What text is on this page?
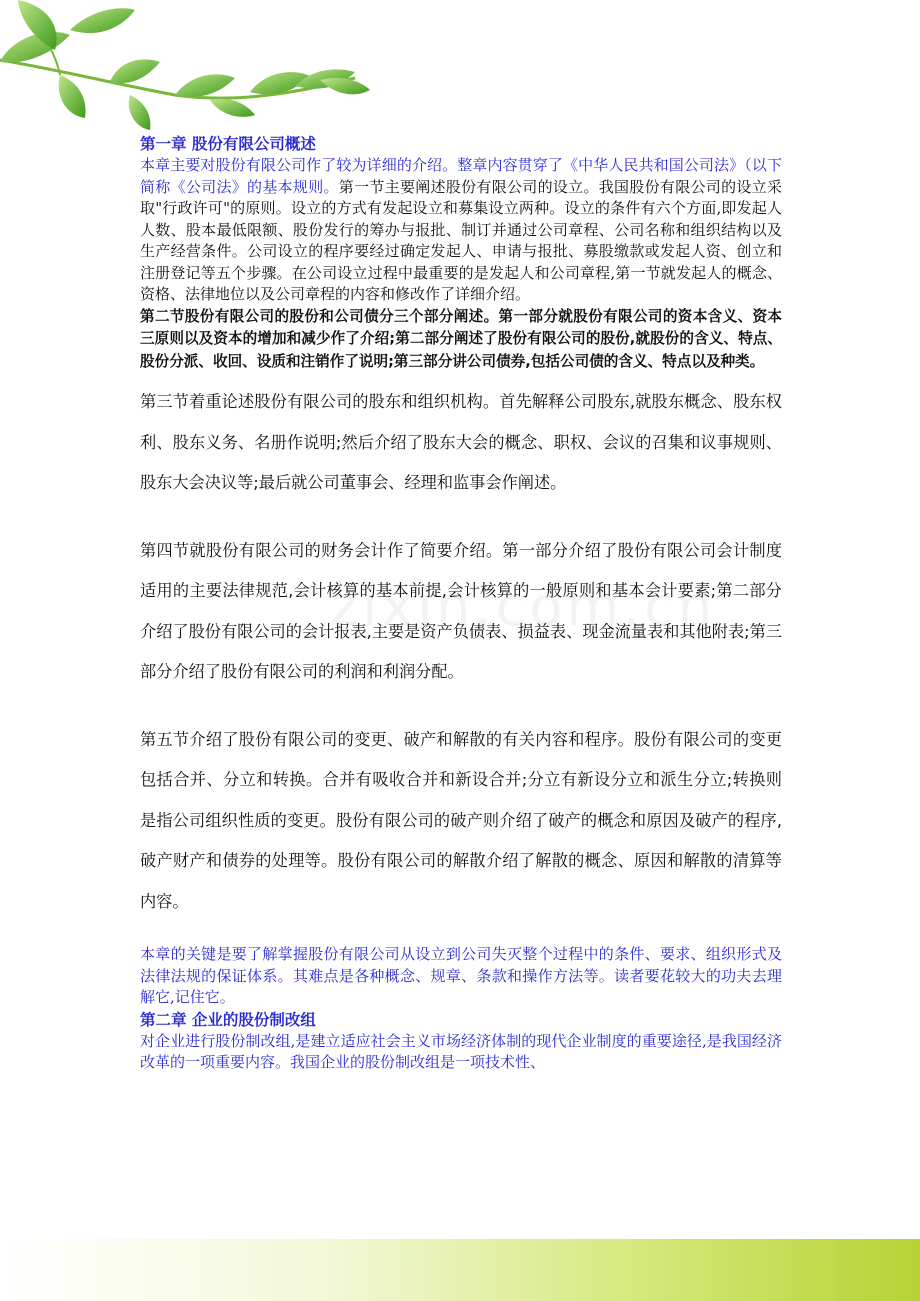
第一章 股份有限公司概述

本章主要对股份有限公司作了较为详细的介绍。整章内容贯穿了《中华人民共和国公司法》（以下简称《公司法》的基本规则。第一节主要阐述股份有限公司的设立。我国股份有限公司的设立采取"行政许可"的原则。设立的方式有发起设立和募集设立两种。设立的条件有六个方面,即发起人人数、股本最低限额、股份发行的筹办与报批、制订并通过公司章程、公司名称和组织结构以及生产经营条件。公司设立的程序要经过确定发起人、申请与报批、募股缴款或发起人资、创立和注册登记等五个步骤。在公司设立过程中最重要的是发起人和公司章程,第一节就发起人的概念、资格、法律地位以及公司章程的内容和修改作了详细介绍。

第二节股份有限公司的股份和公司债分三个部分阐述。第一部分就股份有限公司的资本含义、资本三原则以及资本的增加和减少作了介绍;第二部分阐述了股份有限公司的股份,就股份的含义、特点、股份分派、收回、设质和注销作了说明;第三部分讲公司债券,包括公司债的含义、特点以及种类。

第三节着重论述股份有限公司的股东和组织机构。首先解释公司股东,就股东概念、股东权利、股东义务、名册作说明;然后介绍了股东大会的概念、职权、会议的召集和议事规则、股东大会决议等;最后就公司董事会、经理和监事会作阐述。

第四节就股份有限公司的财务会计作了简要介绍。第一部分介绍了股份有限公司会计制度适用的主要法律规范,会计核算的基本前提,会计核算的一般原则和基本会计要素;第二部分介绍了股份有限公司的会计报表,主要是资产负债表、损益表、现金流量表和其他附表;第三部分介绍了股份有限公司的利润和利润分配。

第五节介绍了股份有限公司的变更、破产和解散的有关内容和程序。股份有限公司的变更包括合并、分立和转换。合并有吸收合并和新设合并;分立有新设分立和派生分立;转换则是指公司组织性质的变更。股份有限公司的破产则介绍了破产的概念和原因及破产的程序,破产财产和债券的处理等。股份有限公司的解散介绍了解散的概念、原因和解散的清算等内容。

本章的关键是要了解掌握股份有限公司从设立到公司失灭整个过程中的条件、要求、组织形式及法律法规的保证体系。其难点是各种概念、规章、条款和操作方法等。读者要花较大的功夫去理解它,记住它。

第二章 企业的股份制改组

对企业进行股份制改组,是建立适应社会主义市场经济体制的现代企业制度的重要途径,是我国经济改革的一项重要内容。我国企业的股份制改组是一项技术性、
